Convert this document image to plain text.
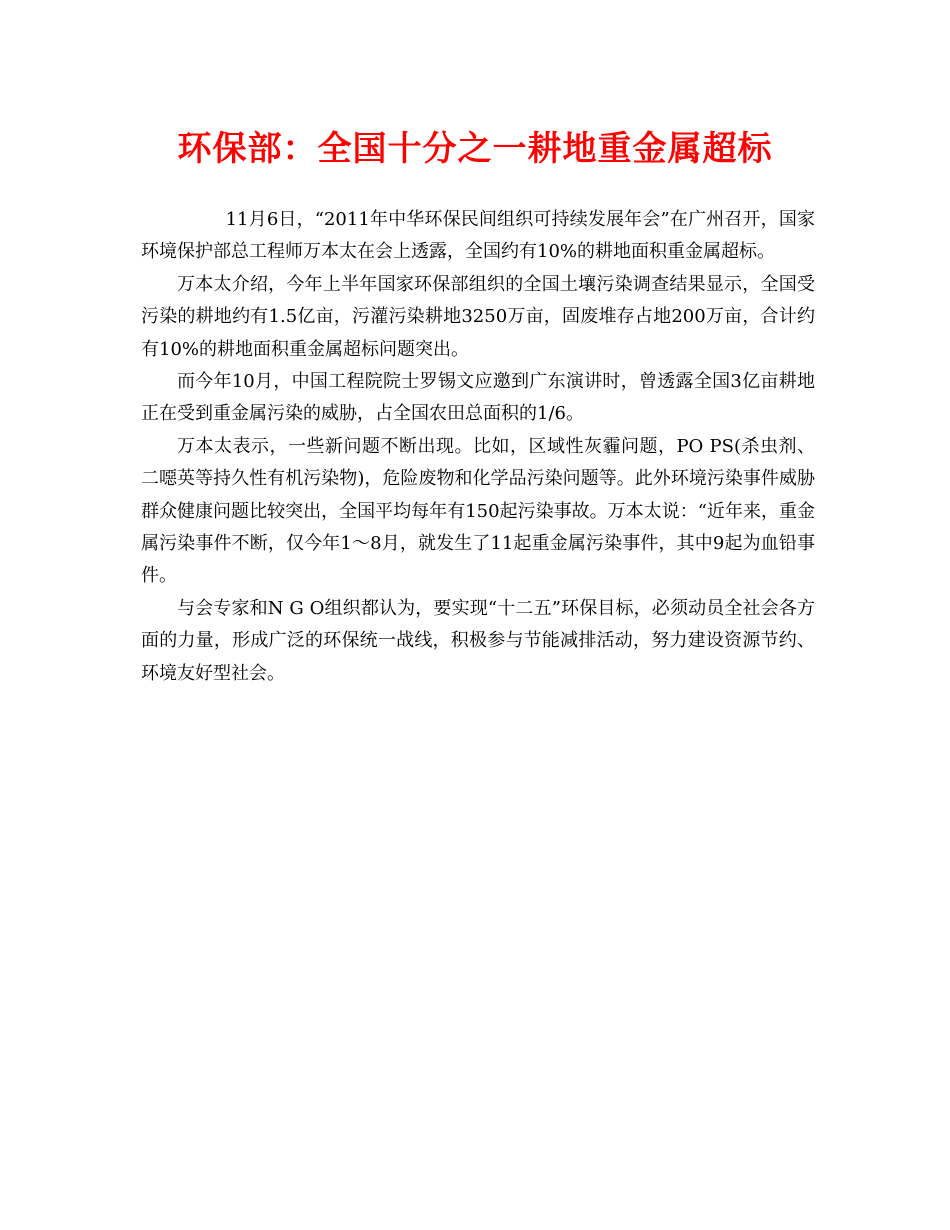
环保部：全国十分之一耕地重金属超标

11月6日，“2011年中华环保民间组织可持续发展年会”在广州召开，国家环境保护部总工程师万本太在会上透露，全国约有10%的耕地面积重金属超标。

万本太介绍，今年上半年国家环保部组织的全国土壤污染调查结果显示，全国受污染的耕地约有1.5亿亩，污灌污染耕地3250万亩，固废堆存占地200万亩，合计约有10%的耕地面积重金属超标问题突出。

而今年10月，中国工程院院士罗锡文应邀到广东演讲时，曾透露全国3亿亩耕地正在受到重金属污染的威胁，占全国农田总面积的1/6。

万本太表示，一些新问题不断出现。比如，区域性灰霾问题，PO PS(杀虫剂、二噁英等持久性有机污染物)，危险废物和化学品污染问题等。此外环境污染事件威胁群众健康问题比较突出，全国平均每年有150起污染事故。万本太说：“近年来，重金属污染事件不断，仅今年1～8月，就发生了11起重金属污染事件，其中9起为血铅事件。

与会专家和N G O组织都认为，要实现“十二五”环保目标，必须动员全社会各方面的力量，形成广泛的环保统一战线，积极参与节能减排活动，努力建设资源节约、环境友好型社会。
